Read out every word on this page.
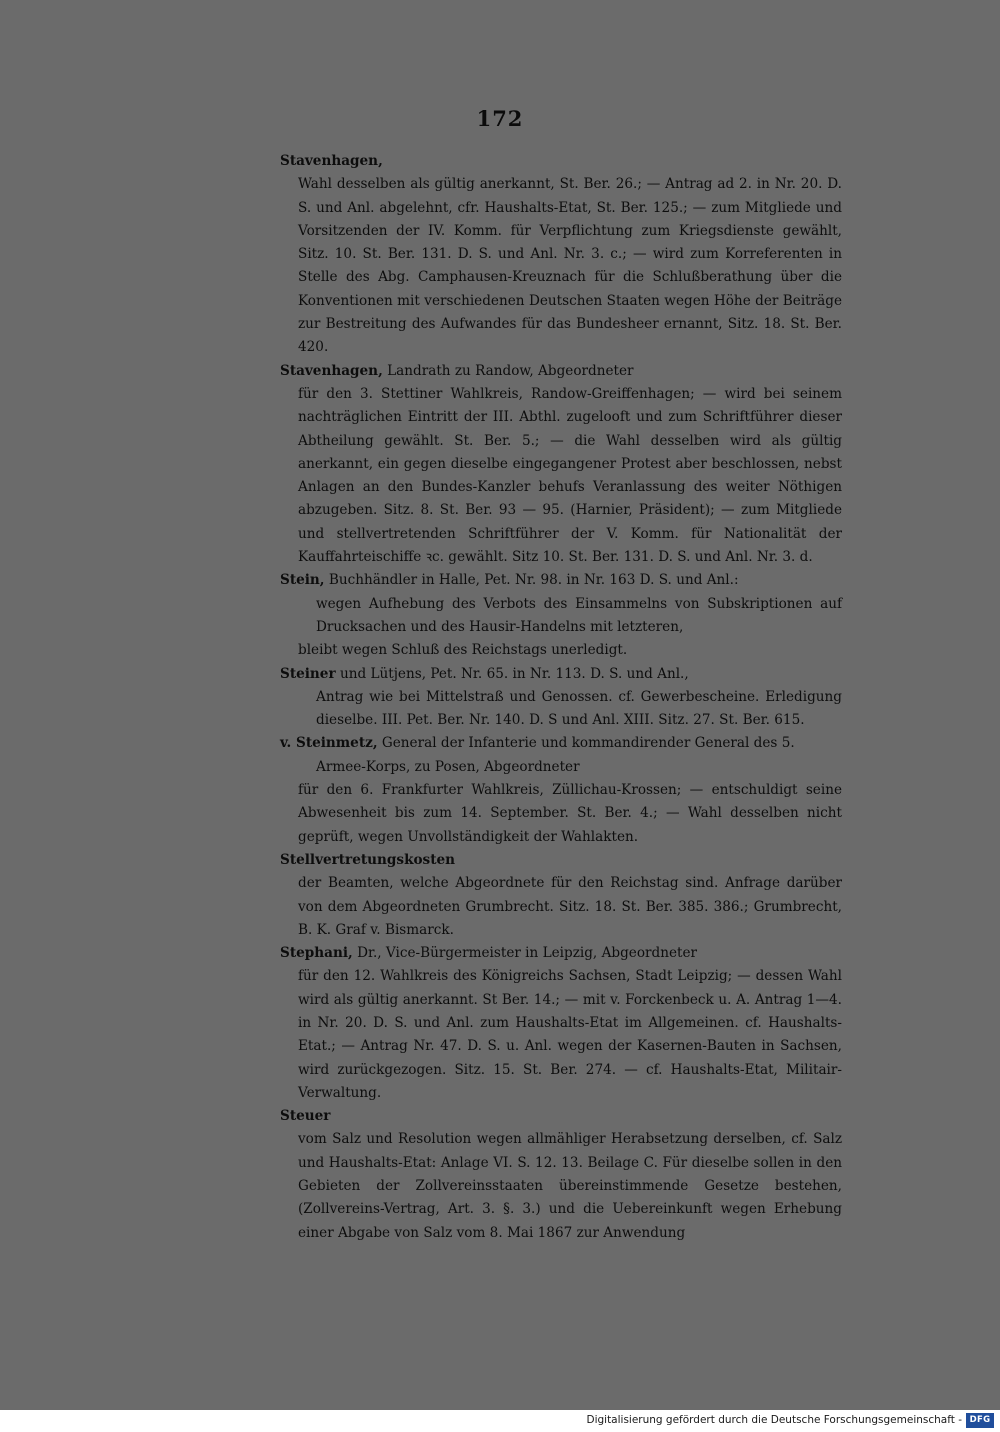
172
Stavenhagen,
Wahl desselben als gültig anerkannt, St. Ber. 26.; — Antrag ad 2. in Nr. 20. D. S. und Anl. abgelehnt, cfr. Haushalts-Etat, St. Ber. 125.; — zum Mitgliede und Vorsitzenden der IV. Komm. für Verpflichtung zum Kriegsdienste gewählt, Sitz. 10. St. Ber. 131. D. S. und Anl. Nr. 3. c.; — wird zum Korreferenten in Stelle des Abg. Camphausen-Kreuznach für die Schlußberathung über die Konventionen mit verschiedenen Deutschen Staaten wegen Höhe der Beiträge zur Bestreitung des Aufwandes für das Bundesheer ernannt, Sitz. 18. St. Ber. 420.
Stavenhagen, Landrath zu Randow, Abgeordneter
für den 3. Stettiner Wahlkreis, Randow-Greiffenhagen; — wird bei seinem nachträglichen Eintritt der III. Abthl. zugelooft und zum Schriftführer dieser Abtheilung gewählt. St. Ber. 5.; — die Wahl desselben wird als gültig anerkannt, ein gegen dieselbe eingegangener Protest aber beschlossen, nebst Anlagen an den Bundes-Kanzler behufs Veranlassung des weiter Nöthigen abzugeben. Sitz. 8. St. Ber. 93 — 95. (Harnier, Präsident); — zum Mitgliede und stellvertretenden Schriftführer der V. Komm. für Nationalität der Kauffahrteischiffe ꝛc. gewählt. Sitz 10. St. Ber. 131. D. S. und Anl. Nr. 3. d.
Stein, Buchhändler in Halle, Pet. Nr. 98. in Nr. 163 D. S. und Anl.:
wegen Aufhebung des Verbots des Einsammelns von Subskriptionen auf Drucksachen und des Hausir-Handelns mit letzteren,
bleibt wegen Schluß des Reichstags unerledigt.
Steiner und Lütjens, Pet. Nr. 65. in Nr. 113. D. S. und Anl.,
Antrag wie bei Mittelstraß und Genossen. cf. Gewerbescheine. Erledigung dieselbe. III. Pet. Ber. Nr. 140. D. S und Anl. XIII. Sitz. 27. St. Ber. 615.
v. Steinmetz, General der Infanterie und kommandirender General des 5.
Armee-Korps, zu Posen, Abgeordneter
für den 6. Frankfurter Wahlkreis, Züllichau-Krossen; — entschuldigt seine Abwesenheit bis zum 14. September. St. Ber. 4.; — Wahl desselben nicht geprüft, wegen Unvollständigkeit der Wahlakten.
Stellvertretungskosten
der Beamten, welche Abgeordnete für den Reichstag sind. Anfrage darüber von dem Abgeordneten Grumbrecht. Sitz. 18. St. Ber. 385. 386.; Grumbrecht, B. K. Graf v. Bismarck.
Stephani, Dr., Vice-Bürgermeister in Leipzig, Abgeordneter
für den 12. Wahlkreis des Königreichs Sachsen, Stadt Leipzig; — dessen Wahl wird als gültig anerkannt. St Ber. 14.; — mit v. Forckenbeck u. A. Antrag 1—4. in Nr. 20. D. S. und Anl. zum Haushalts-Etat im Allgemeinen. cf. Haushalts-Etat.; — Antrag Nr. 47. D. S. u. Anl. wegen der Kasernen-Bauten in Sachsen, wird zurückgezogen. Sitz. 15. St. Ber. 274. — cf. Haushalts-Etat, Militair-Verwaltung.
Steuer
vom Salz und Resolution wegen allmähliger Herabsetzung derselben, cf. Salz und Haushalts-Etat: Anlage VI. S. 12. 13. Beilage C. Für dieselbe sollen in den Gebieten der Zollvereinsstaaten übereinstimmende Gesetze bestehen, (Zollvereins-Vertrag, Art. 3. §. 3.) und die Uebereinkunft wegen Erhebung einer Abgabe von Salz vom 8. Mai 1867 zur Anwendung
Digitalisierung gefördert durch die Deutsche Forschungsgemeinschaft - DFG
